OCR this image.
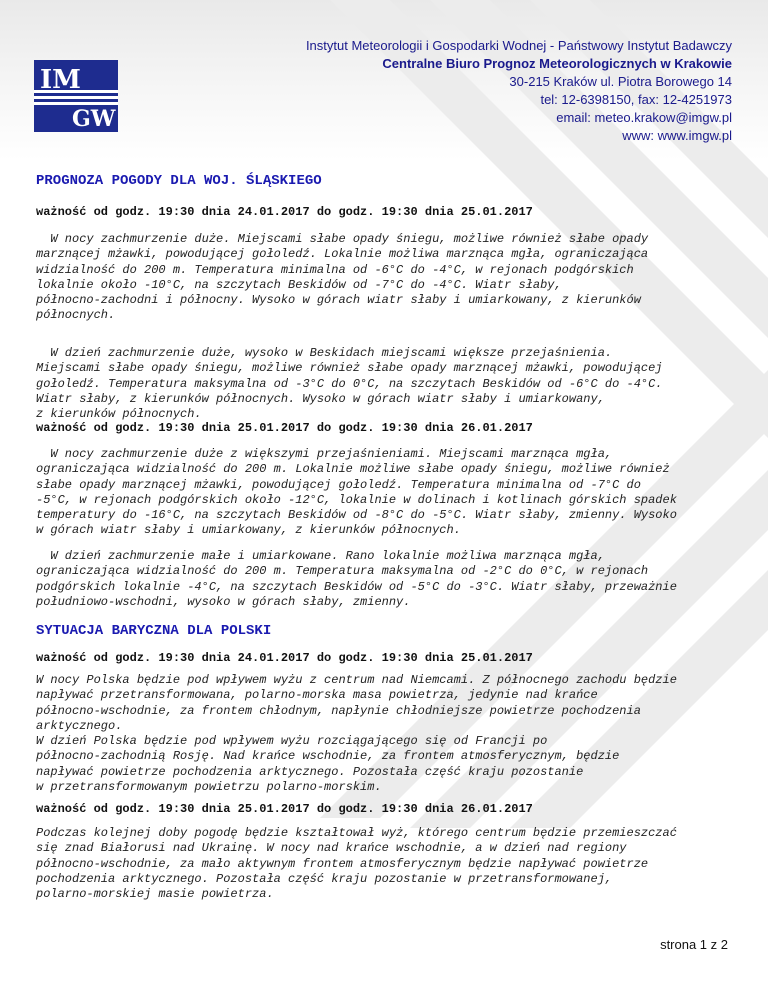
IM
GW
Instytut Meteorologii i Gospodarki Wodnej - Państwowy Instytut Badawczy
Centralne Biuro Prognoz Meteorologicznych w Krakowie
30-215 Kraków ul. Piotra Borowego 14
tel: 12-6398150, fax: 12-4251973
email: meteo.krakow@imgw.pl
www: www.imgw.pl
PROGNOZA POGODY DLA WOJ. ŚLĄSKIEGO
ważność od godz. 19:30 dnia 24.01.2017 do godz. 19:30 dnia 25.01.2017
W nocy zachmurzenie duże. Miejscami słabe opady śniegu, możliwe również słabe opady
marznącej mżawki, powodującej gołoledź. Lokalnie możliwa marznąca mgła, ograniczająca
widzialność do 200 m. Temperatura minimalna od -6°C do -4°C, w rejonach podgórskich
lokalnie około -10°C, na szczytach Beskidów od -7°C do -4°C. Wiatr słaby,
północno-zachodni i północny. Wysoko w górach wiatr słaby i umiarkowany, z kierunków
północnych.
W dzień zachmurzenie duże, wysoko w Beskidach miejscami większe przejaśnienia.
Miejscami słabe opady śniegu, możliwe również słabe opady marznącej mżawki, powodującej
gołoledź. Temperatura maksymalna od -3°C do 0°C, na szczytach Beskidów od -6°C do -4°C.
Wiatr słaby, z kierunków północnych. Wysoko w górach wiatr słaby i umiarkowany,
z kierunków północnych.
ważność od godz. 19:30 dnia 25.01.2017 do godz. 19:30 dnia 26.01.2017
W nocy zachmurzenie duże z większymi przejaśnieniami. Miejscami marznąca mgła,
ograniczająca widzialność do 200 m. Lokalnie możliwe słabe opady śniegu, możliwe również
słabe opady marznącej mżawki, powodującej gołoledź. Temperatura minimalna od -7°C do
-5°C, w rejonach podgórskich około -12°C, lokalnie w dolinach i kotlinach górskich spadek
temperatury do -16°C, na szczytach Beskidów od -8°C do -5°C. Wiatr słaby, zmienny. Wysoko
w górach wiatr słaby i umiarkowany, z kierunków północnych.
W dzień zachmurzenie małe i umiarkowane. Rano lokalnie możliwa marznąca mgła,
ograniczająca widzialność do 200 m. Temperatura maksymalna od -2°C do 0°C, w rejonach
podgórskich lokalnie -4°C, na szczytach Beskidów od -5°C do -3°C. Wiatr słaby, przeważnie
południowo-wschodni, wysoko w górach słaby, zmienny.
SYTUACJA BARYCZNA DLA POLSKI
ważność od godz. 19:30 dnia 24.01.2017 do godz. 19:30 dnia 25.01.2017
W nocy Polska będzie pod wpływem wyżu z centrum nad Niemcami. Z północnego zachodu będzie
napływać przetransformowana, polarno-morska masa powietrza, jedynie nad krańce
północno-wschodnie, za frontem chłodnym, napłynie chłodniejsze powietrze pochodzenia
arktycznego.
W dzień Polska będzie pod wpływem wyżu rozciągającego się od Francji po
północno-zachodnią Rosję. Nad krańce wschodnie, za frontem atmosferycznym, będzie
napływać powietrze pochodzenia arktycznego. Pozostała część kraju pozostanie
w przetransformowanym powietrzu polarno-morskim.
ważność od godz. 19:30 dnia 25.01.2017 do godz. 19:30 dnia 26.01.2017
Podczas kolejnej doby pogodę będzie kształtował wyż, którego centrum będzie przemieszczać
się znad Białorusi nad Ukrainę. W nocy nad krańce wschodnie, a w dzień nad regiony
północno-wschodnie, za mało aktywnym frontem atmosferycznym będzie napływać powietrze
pochodzenia arktycznego. Pozostała część kraju pozostanie w przetransformowanej,
polarno-morskiej masie powietrza.
strona 1 z 2
